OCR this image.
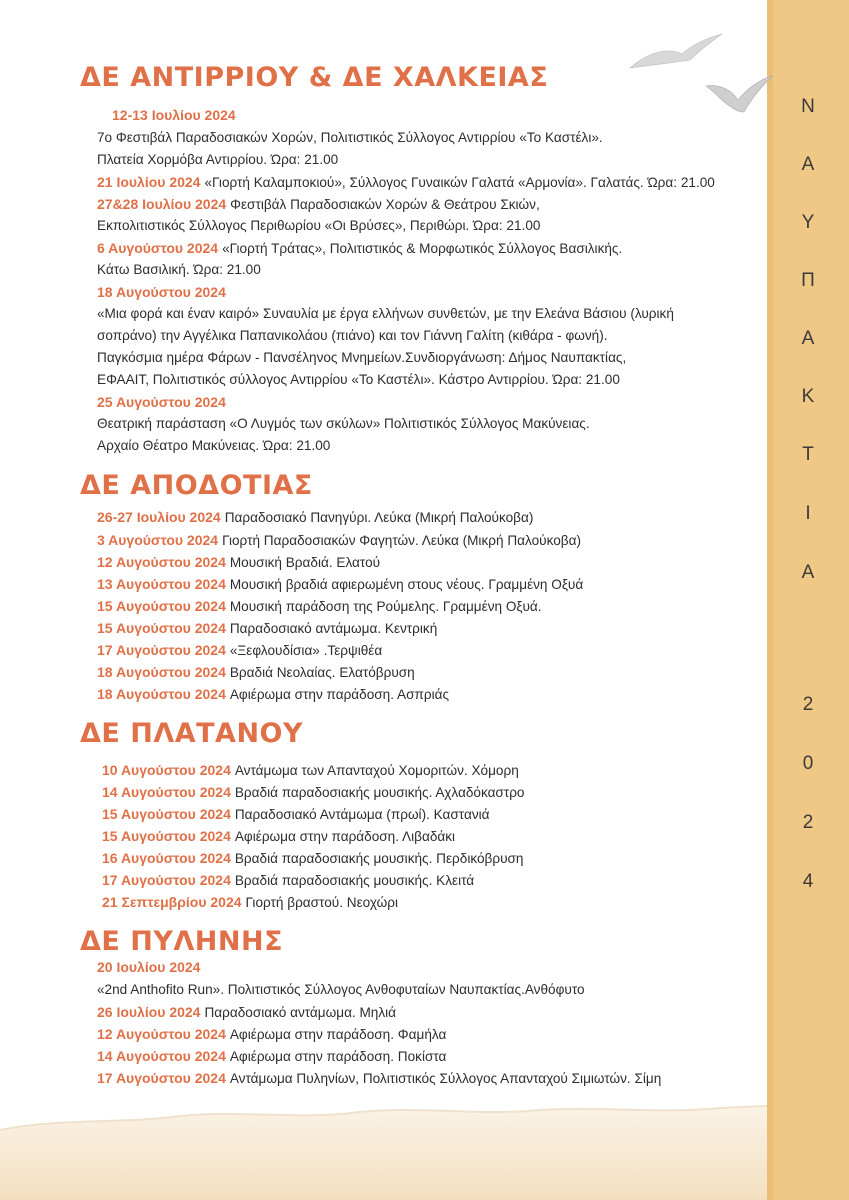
Ν
Α
Υ
Π
Α
Κ
Τ
Ι
Α
2
0
2
4
ΔΕ ΑΝΤΙΡΡΙΟΥ & ΔΕ ΧΑΛΚΕΙΑΣ
12-13 Ιουλίου 2024
7ο Φεστιβάλ Παραδοσιακών Χορών, Πολιτιστικός Σύλλογος Αντιρρίου «Το Καστέλι».
Πλατεία Χορμόβα Αντιρρίου. Ώρα: 21.00
21 Ιουλίου 2024 «Γιορτή Καλαμποκιού», Σύλλογος Γυναικών Γαλατά «Αρμονία». Γαλατάς. Ώρα: 21.00
27&28 Ιουλίου 2024 Φεστιβάλ Παραδοσιακών Χορών & Θεάτρου Σκιών,
Εκπολιτιστικός Σύλλογος Περιθωρίου «Οι Βρύσες», Περιθώρι. Ώρα: 21.00
6 Αυγούστου 2024 «Γιορτή Τράτας», Πολιτιστικός & Μορφωτικός Σύλλογος Βασιλικής.
Κάτω Βασιλική. Ώρα: 21.00
18 Αυγούστου 2024
«Μια φορά και έναν καιρό» Συναυλία με έργα ελλήνων συνθετών, με την Ελεάνα Βάσιου (λυρική
σοπράνο) την Αγγέλικα Παπανικολάου (πιάνο) και τον Γιάννη Γαλίτη (κιθάρα - φωνή).
Παγκόσμια ημέρα Φάρων - Πανσέληνος Μνημείων.Συνδιοργάνωση: Δήμος Ναυπακτίας,
ΕΦΑΑΙΤ, Πολιτιστικός σύλλογος Αντιρρίου «Το Καστέλι». Κάστρο Αντιρρίου. Ώρα: 21.00
25 Αυγούστου 2024
Θεατρική παράσταση «Ο Λυγμός των σκύλων» Πολιτιστικός Σύλλογος Μακύνειας.
Αρχαίο Θέατρο Μακύνειας. Ώρα: 21.00
ΔΕ ΑΠΟΔΟΤΙΑΣ
26-27 Ιουλίου 2024 Παραδοσιακό Πανηγύρι. Λεύκα (Μικρή Παλούκοβα)
3 Αυγούστου 2024 Γιορτή Παραδοσιακών Φαγητών. Λεύκα (Μικρή Παλούκοβα)
12 Αυγούστου 2024 Μουσική Βραδιά. Ελατού
13 Αυγούστου 2024 Μουσική βραδιά αφιερωμένη στους νέους. Γραμμένη Οξυά
15 Αυγούστου 2024 Μουσική παράδοση της Ρούμελης. Γραμμένη Οξυά.
15 Αυγούστου 2024 Παραδοσιακό αντάμωμα. Κεντρική
17 Αυγούστου 2024 «Ξεφλουδίσια» .Τερψιθέα
18 Αυγούστου 2024 Βραδιά Νεολαίας. Ελατόβρυση
18 Αυγούστου 2024 Αφιέρωμα στην παράδοση. Ασπριάς
ΔΕ ΠΛΑΤΑΝΟΥ
10 Αυγούστου 2024 Αντάμωμα των Απανταχού Χομοριτών. Χόμορη
14 Αυγούστου 2024 Βραδιά παραδοσιακής μουσικής. Αχλαδόκαστρο
15 Αυγούστου 2024 Παραδοσιακό Αντάμωμα (πρωί). Καστανιά
15 Αυγούστου 2024 Αφιέρωμα στην παράδοση. Λιβαδάκι
16 Αυγούστου 2024 Βραδιά παραδοσιακής μουσικής. Περδικόβρυση
17 Αυγούστου 2024 Βραδιά παραδοσιακής μουσικής. Κλειτά
21 Σεπτεμβρίου 2024 Γιορτή βραστού. Νεοχώρι
ΔΕ ΠΥΛΗΝΗΣ
20 Ιουλίου 2024
«2nd Anthofito Run». Πολιτιστικός Σύλλογος Ανθοφυταίων Ναυπακτίας.Ανθόφυτο
26 Ιουλίου 2024 Παραδοσιακό αντάμωμα. Μηλιά
12 Αυγούστου 2024 Αφιέρωμα στην παράδοση. Φαμήλα
14 Αυγούστου 2024 Αφιέρωμα στην παράδοση. Ποκίστα
17 Αυγούστου 2024 Αντάμωμα Πυληνίων, Πολιτιστικός Σύλλογος Απανταχού Σιμιωτών. Σίμη
